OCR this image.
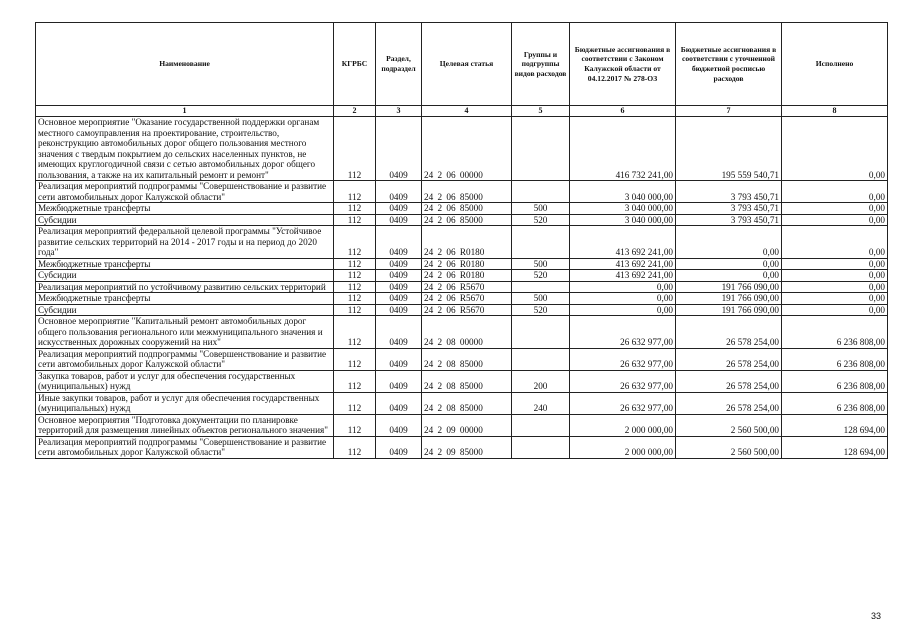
Наименование	КГРБС	Раздел, подраздел	Целевая статья	Группы и подгруппы видов расходов	Бюджетные ассигнования в соответствии с Законом Калужской области от 04.12.2017 № 278-ОЗ	Бюджетные ассигнования в соответствии с уточненной бюджетной росписью расходов	Исполнено
1	2	3	4	5	6	7	8
Основное мероприятие "Оказание государственной поддержки органам местного самоуправления на проектирование, строительство, реконструкцию автомобильных дорог общего пользования местного значения с твердым покрытием до сельских населенных пунктов, не имеющих круглогодичной связи с сетью автомобильных дорог общего пользования, а также на их капитальный ремонт и ремонт"	112	0409	24 2 06 00000		416 732 241,00	195 559 540,71	0,00
Реализация мероприятий подпрограммы "Совершенствование и развитие сети автомобильных дорог Калужской области"	112	0409	24 2 06 85000		3 040 000,00	3 793 450,71	0,00
Межбюджетные трансферты	112	0409	24 2 06 85000	500	3 040 000,00	3 793 450,71	0,00
Субсидии	112	0409	24 2 06 85000	520	3 040 000,00	3 793 450,71	0,00
Реализация мероприятий федеральной целевой программы "Устойчивое развитие сельских территорий на 2014 - 2017 годы и на период до 2020 года"	112	0409	24 2 06 R0180		413 692 241,00	0,00	0,00
Межбюджетные трансферты	112	0409	24 2 06 R0180	500	413 692 241,00	0,00	0,00
Субсидии	112	0409	24 2 06 R0180	520	413 692 241,00	0,00	0,00
Реализация мероприятий по устойчивому развитию сельских территорий	112	0409	24 2 06 R5670		0,00	191 766 090,00	0,00
Межбюджетные трансферты	112	0409	24 2 06 R5670	500	0,00	191 766 090,00	0,00
Субсидии	112	0409	24 2 06 R5670	520	0,00	191 766 090,00	0,00
Основное мероприятие "Капитальный ремонт автомобильных дорог общего пользования регионального или межмуниципального значения и искусственных дорожных сооружений на них"	112	0409	24 2 08 00000		26 632 977,00	26 578 254,00	6 236 808,00
Реализация мероприятий подпрограммы "Совершенствование и развитие сети автомобильных дорог Калужской области"	112	0409	24 2 08 85000		26 632 977,00	26 578 254,00	6 236 808,00
Закупка товаров, работ и услуг для обеспечения государственных (муниципальных) нужд	112	0409	24 2 08 85000	200	26 632 977,00	26 578 254,00	6 236 808,00
Иные закупки товаров, работ и услуг для обеспечения государственных (муниципальных) нужд	112	0409	24 2 08 85000	240	26 632 977,00	26 578 254,00	6 236 808,00
Основное мероприятия "Подготовка документации по планировке территорий для размещения линейных объектов регионального значения"	112	0409	24 2 09 00000		2 000 000,00	2 560 500,00	128 694,00
Реализация мероприятий подпрограммы "Совершенствование и развитие сети автомобильных дорог Калужской области"	112	0409	24 2 09 85000		2 000 000,00	2 560 500,00	128 694,00
33
